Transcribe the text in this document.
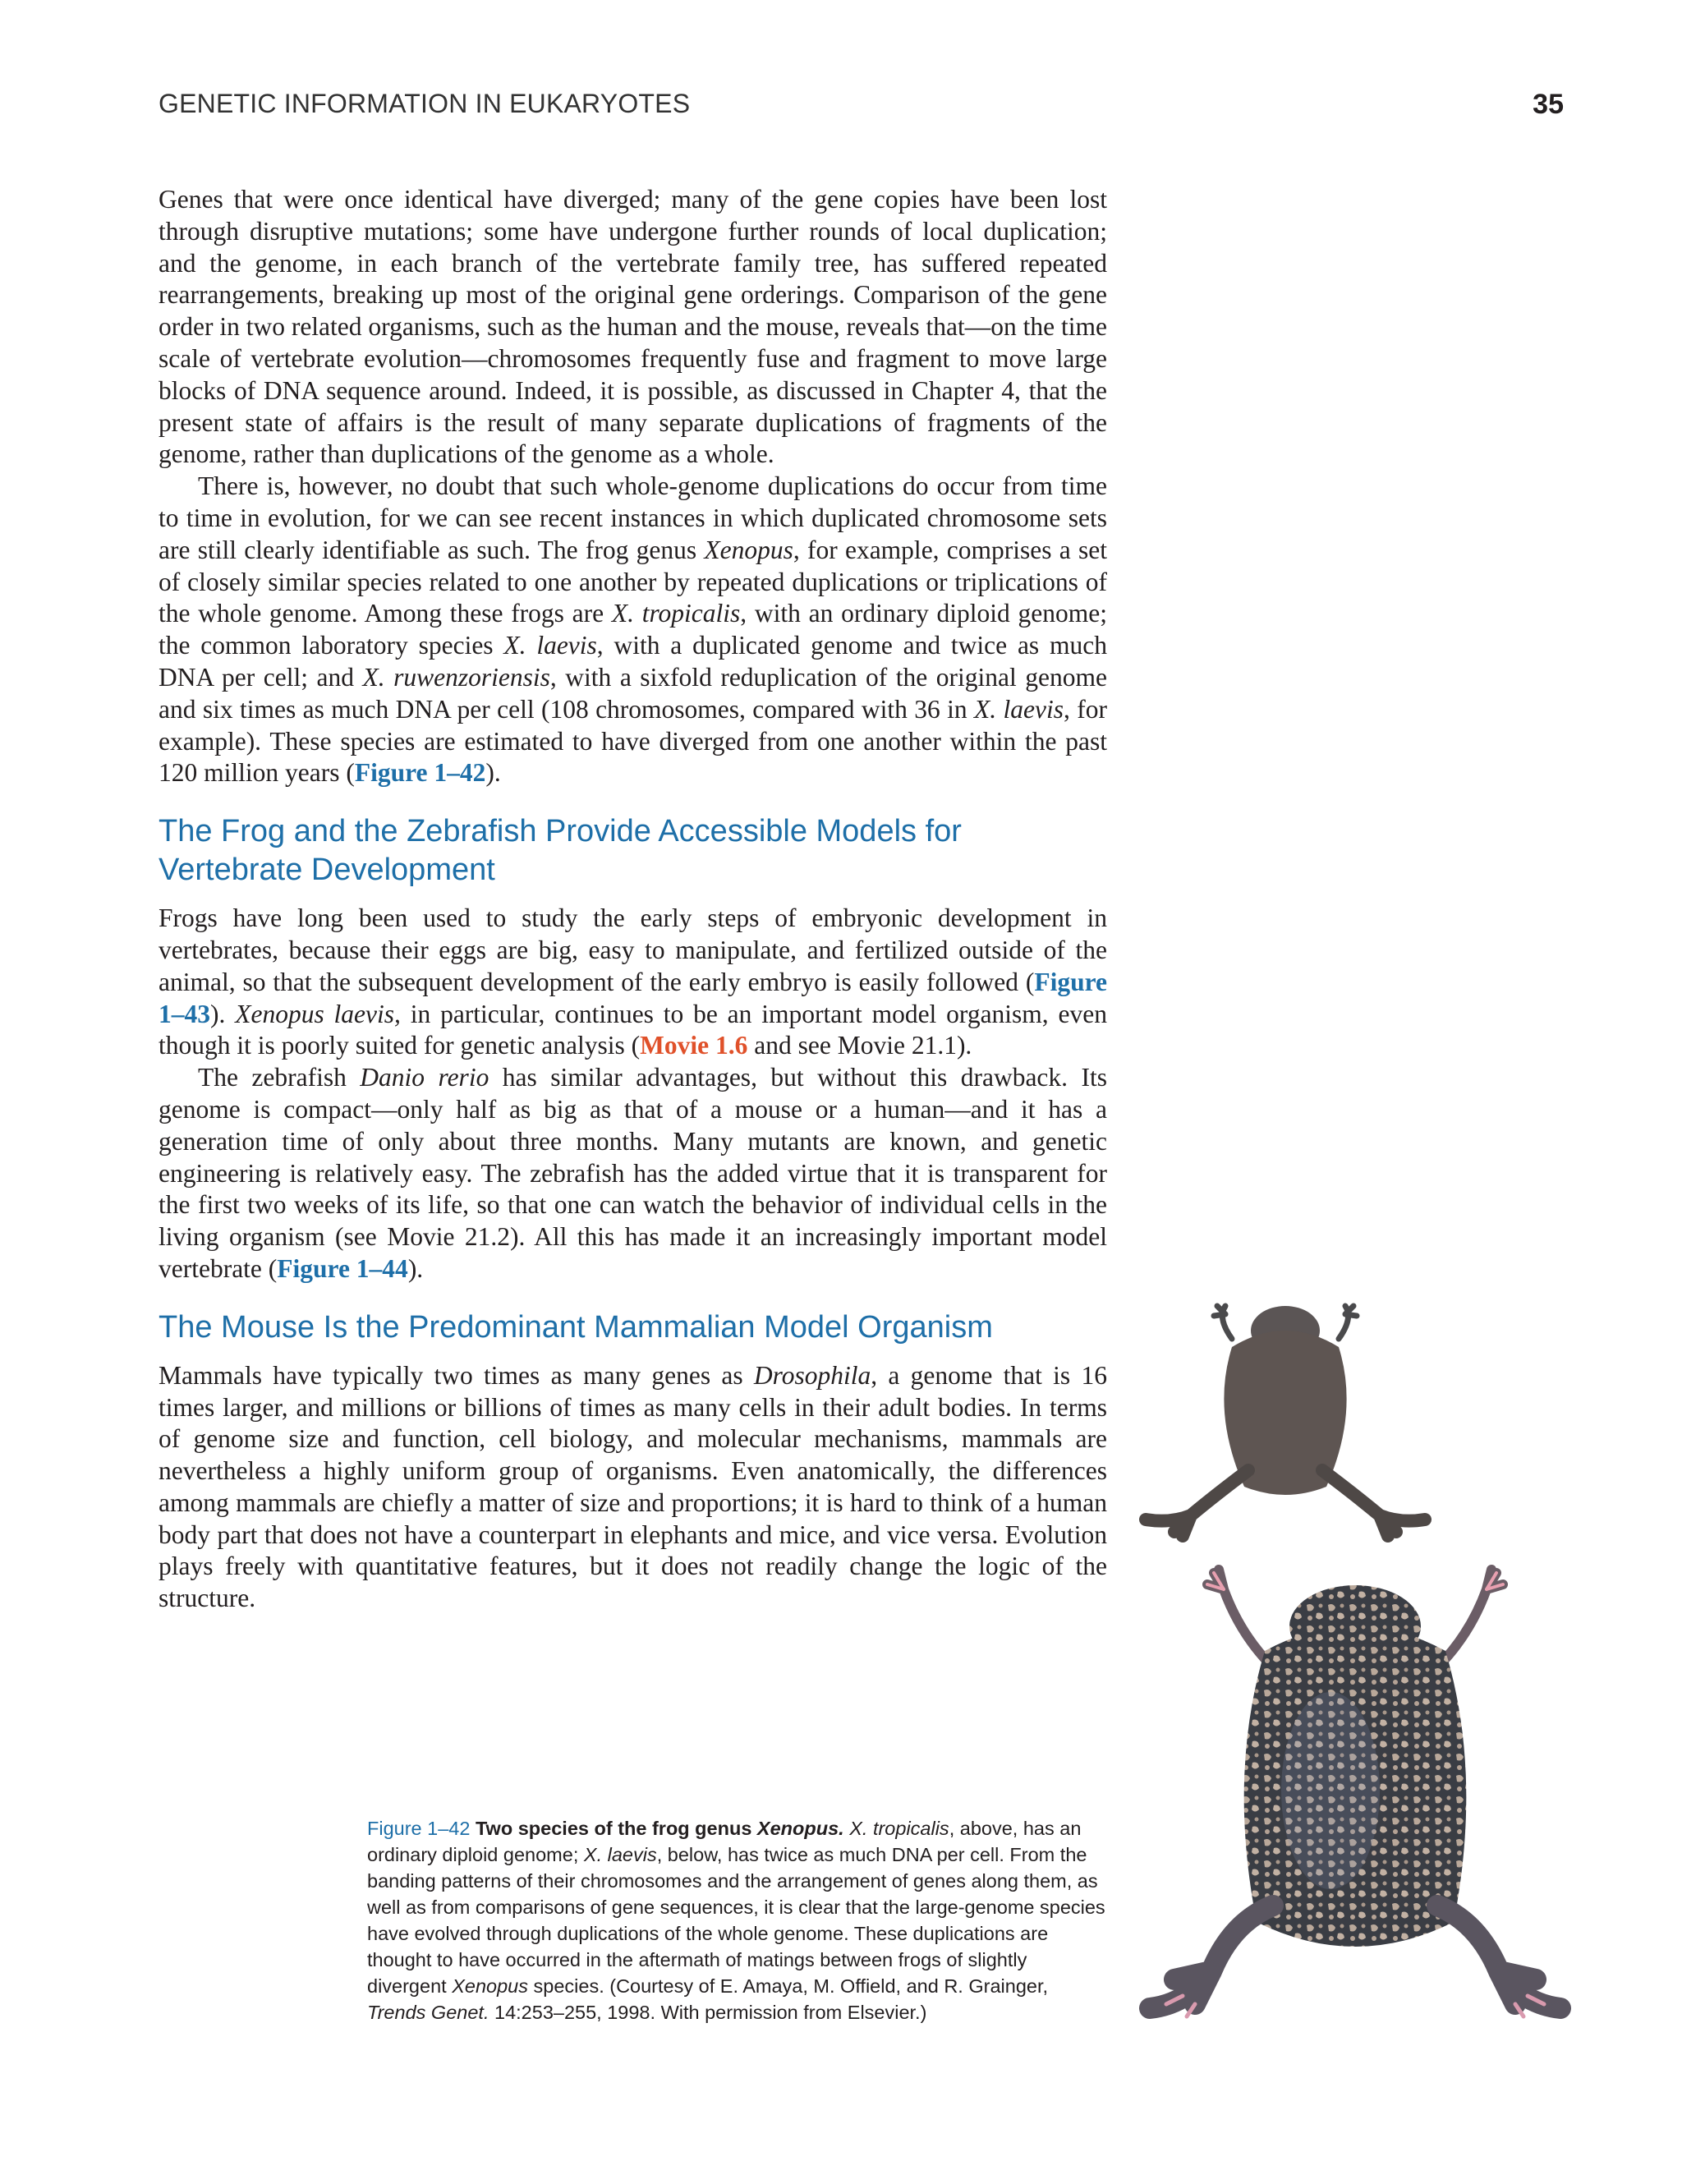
GENETIC INFORMATION IN EUKARYOTES	35

Genes that were once identical have diverged; many of the gene copies have been lost through disruptive mutations; some have undergone further rounds of local duplication; and the genome, in each branch of the vertebrate family tree, has suffered repeated rearrangements, breaking up most of the original gene orderings. Comparison of the gene order in two related organisms, such as the human and the mouse, reveals that—on the time scale of vertebrate evolution—chromosomes frequently fuse and fragment to move large blocks of DNA sequence around. Indeed, it is possible, as discussed in Chapter 4, that the present state of affairs is the result of many separate duplications of fragments of the genome, rather than duplications of the genome as a whole.

There is, however, no doubt that such whole-genome duplications do occur from time to time in evolution, for we can see recent instances in which duplicated chromosome sets are still clearly identifiable as such. The frog genus Xenopus, for example, comprises a set of closely similar species related to one another by repeated duplications or triplications of the whole genome. Among these frogs are X. tropicalis, with an ordinary diploid genome; the common laboratory species X. laevis, with a duplicated genome and twice as much DNA per cell; and X. ruwenzoriensis, with a sixfold reduplication of the original genome and six times as much DNA per cell (108 chromosomes, compared with 36 in X. laevis, for example). These species are estimated to have diverged from one another within the past 120 million years (Figure 1–42).

The Frog and the Zebrafish Provide Accessible Models for Vertebrate Development

Frogs have long been used to study the early steps of embryonic development in vertebrates, because their eggs are big, easy to manipulate, and fertilized outside of the animal, so that the subsequent development of the early embryo is easily followed (Figure 1–43). Xenopus laevis, in particular, continues to be an important model organism, even though it is poorly suited for genetic analysis (Movie 1.6 and see Movie 21.1).

The zebrafish Danio rerio has similar advantages, but without this drawback. Its genome is compact—only half as big as that of a mouse or a human—and it has a generation time of only about three months. Many mutants are known, and genetic engineering is relatively easy. The zebrafish has the added virtue that it is transparent for the first two weeks of its life, so that one can watch the behavior of individual cells in the living organism (see Movie 21.2). All this has made it an increasingly important model vertebrate (Figure 1–44).

The Mouse Is the Predominant Mammalian Model Organism

Mammals have typically two times as many genes as Drosophila, a genome that is 16 times larger, and millions or billions of times as many cells in their adult bodies. In terms of genome size and function, cell biology, and molecular mechanisms, mammals are nevertheless a highly uniform group of organisms. Even anatomically, the differences among mammals are chiefly a matter of size and proportions; it is hard to think of a human body part that does not have a counterpart in elephants and mice, and vice versa. Evolution plays freely with quantitative features, but it does not readily change the logic of the structure.

Figure 1–42 Two species of the frog genus Xenopus. X. tropicalis, above, has an ordinary diploid genome; X. laevis, below, has twice as much DNA per cell. From the banding patterns of their chromosomes and the arrangement of genes along them, as well as from comparisons of gene sequences, it is clear that the large-genome species have evolved through duplications of the whole genome. These duplications are thought to have occurred in the aftermath of matings between frogs of slightly divergent Xenopus species. (Courtesy of E. Amaya, M. Offield, and R. Grainger, Trends Genet. 14:253–255, 1998. With permission from Elsevier.)
